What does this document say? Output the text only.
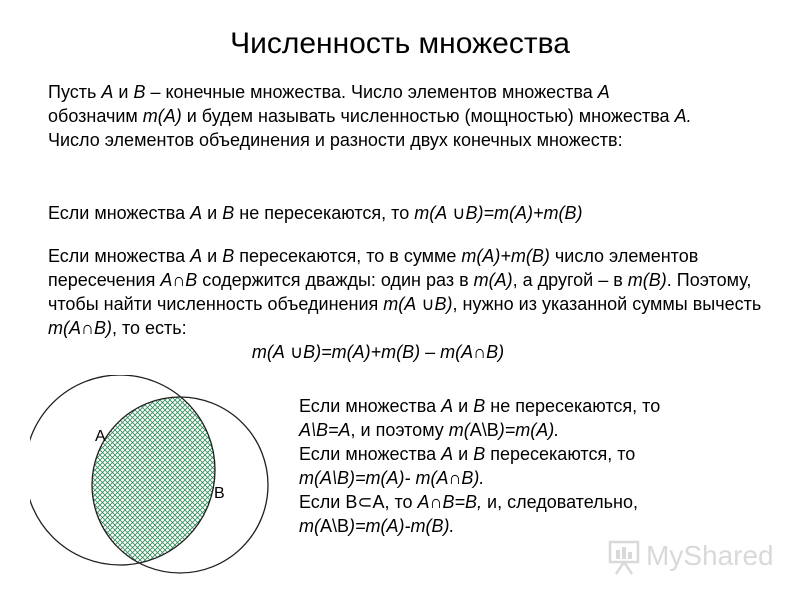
Численность множества

Пусть A и B – конечные множества. Число элементов множества A
обозначим m(A) и будем называть численностью (мощностью) множества A.
Число элементов объединения и разности двух конечных множеств:

Если множества A и B не пересекаются, то m(A ∪B)=m(A)+m(B)

Если множества A и B пересекаются, то в сумме m(A)+m(B) число элементов пересечения A∩B содержится дважды: один раз в m(A), а другой – в m(B). Поэтому, чтобы найти численность объединения m(A ∪B), нужно из указанной суммы вычесть m(A∩B), то есть:
m(A ∪B)=m(A)+m(B) – m(A∩B)

Если множества A и B не пересекаются, то
A\B=A, и поэтому m(A\B)=m(A).
Если множества A и B пересекаются, то
m(A\B)=m(A)- m(A∩B).
Если B⊂A, то A∩B=B, и, следовательно,
m(A\B)=m(A)-m(B).

A
B
MyShared
